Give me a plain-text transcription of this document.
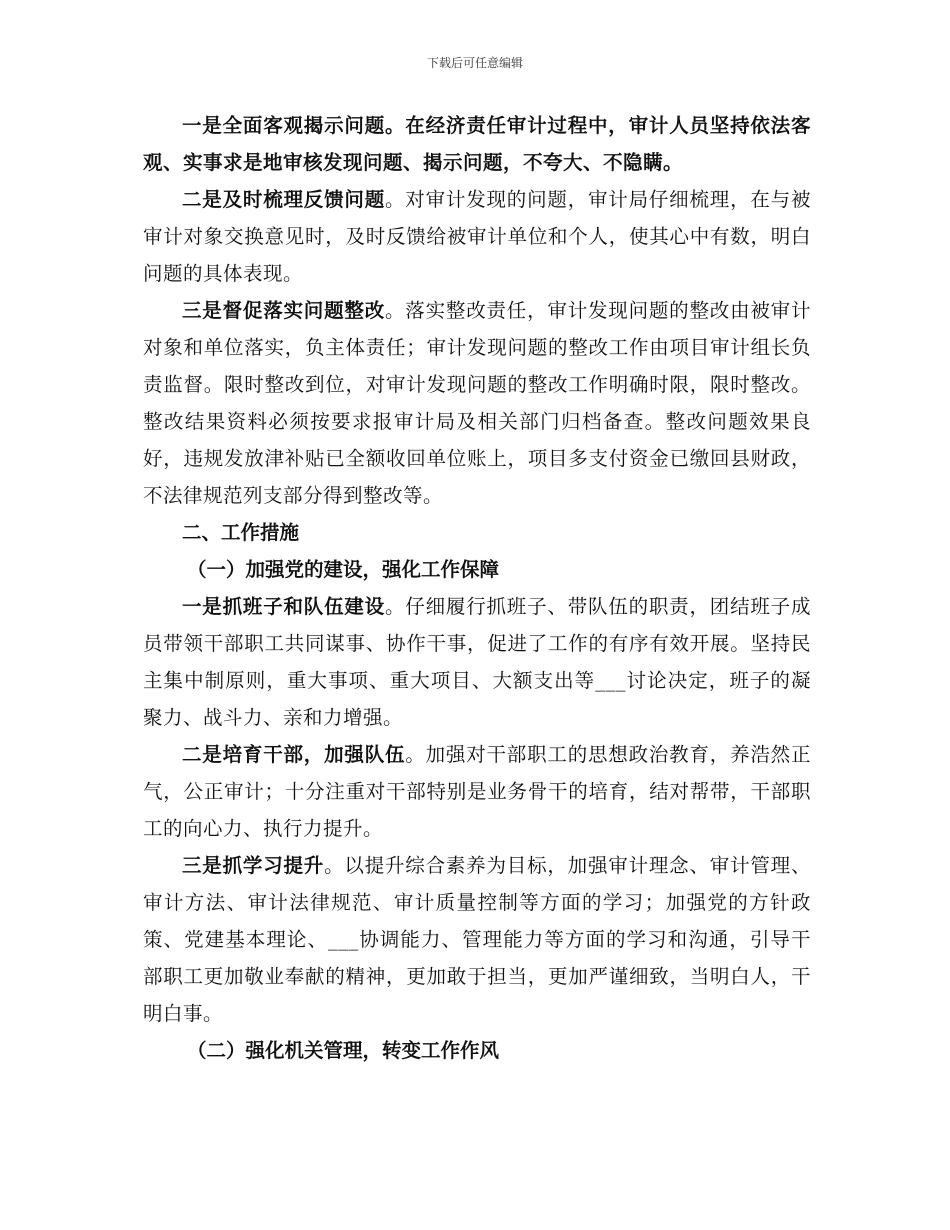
下载后可任意编辑

一是全面客观揭示问题。在经济责任审计过程中，审计人员坚持依法客观、实事求是地审核发现问题、揭示问题，不夸大、不隐瞒。

二是及时梳理反馈问题。对审计发现的问题，审计局仔细梳理，在与被审计对象交换意见时，及时反馈给被审计单位和个人，使其心中有数，明白问题的具体表现。

三是督促落实问题整改。落实整改责任，审计发现问题的整改由被审计对象和单位落实，负主体责任；审计发现问题的整改工作由项目审计组长负责监督。限时整改到位，对审计发现问题的整改工作明确时限，限时整改。整改结果资料必须按要求报审计局及相关部门归档备查。整改问题效果良好，违规发放津补贴已全额收回单位账上，项目多支付资金已缴回县财政，不法律规范列支部分得到整改等。

二、工作措施

（一）加强党的建设，强化工作保障

一是抓班子和队伍建设。仔细履行抓班子、带队伍的职责，团结班子成员带领干部职工共同谋事、协作干事，促进了工作的有序有效开展。坚持民主集中制原则，重大事项、重大项目、大额支出等___讨论决定，班子的凝聚力、战斗力、亲和力增强。

二是培育干部，加强队伍。加强对干部职工的思想政治教育，养浩然正气，公正审计；十分注重对干部特别是业务骨干的培育，结对帮带，干部职工的向心力、执行力提升。

三是抓学习提升。以提升综合素养为目标，加强审计理念、审计管理、审计方法、审计法律规范、审计质量控制等方面的学习；加强党的方针政策、党建基本理论、___协调能力、管理能力等方面的学习和沟通，引导干部职工更加敬业奉献的精神，更加敢于担当，更加严谨细致，当明白人，干明白事。

（二）强化机关管理，转变工作作风
